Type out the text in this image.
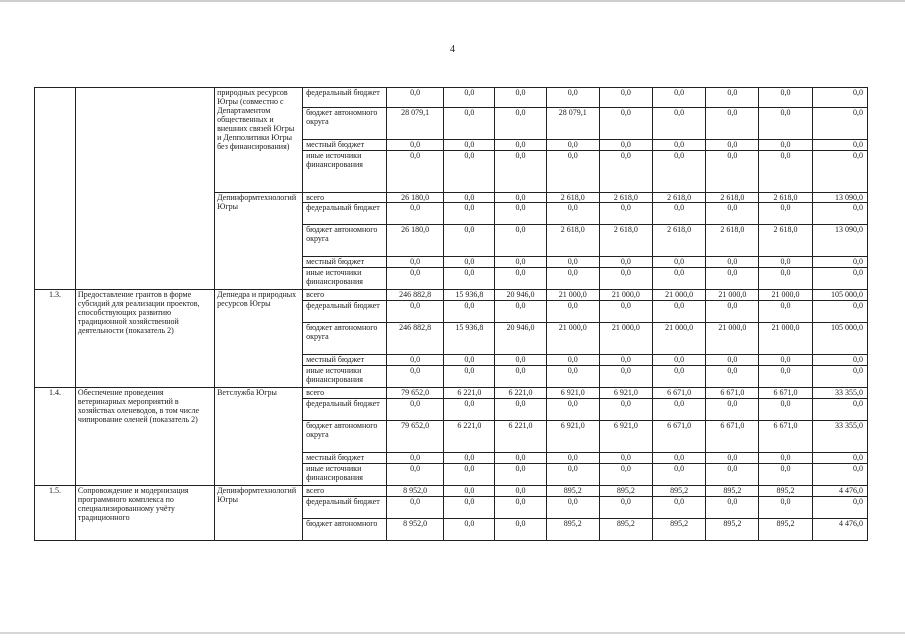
4
		природных ресурсов Югры (совместно с Департаментом общественных и внешних связей Югры и Депполитики Югры без финансирования)	федеральный бюджет	0,0	0,0	0,0	0,0	0,0	0,0	0,0	0,0	0,0
			бюджет автономного округа	28 079,1	0,0	0,0	28 079,1	0,0	0,0	0,0	0,0	0,0
			местный бюджет	0,0	0,0	0,0	0,0	0,0	0,0	0,0	0,0	0,0
			иные источники финансирования	0,0	0,0	0,0	0,0	0,0	0,0	0,0	0,0	0,0
		Депинформтехнологий Югры	всего	26 180,0	0,0	0,0	2 618,0	2 618,0	2 618,0	2 618,0	2 618,0	13 090,0
			федеральный бюджет	0,0	0,0	0,0	0,0	0,0	0,0	0,0	0,0	0,0
			бюджет автономного округа	26 180,0	0,0	0,0	2 618,0	2 618,0	2 618,0	2 618,0	2 618,0	13 090,0
			местный бюджет	0,0	0,0	0,0	0,0	0,0	0,0	0,0	0,0	0,0
			иные источники финансирования	0,0	0,0	0,0	0,0	0,0	0,0	0,0	0,0	0,0
1.3.	Предоставление грантов в форме субсидий для реализации проектов, способствующих развитию традиционной хозяйственной деятельности (показатель 2)	Депнедра и природных ресурсов Югры	всего	246 882,8	15 936,8	20 946,0	21 000,0	21 000,0	21 000,0	21 000,0	21 000,0	105 000,0
			федеральный бюджет	0,0	0,0	0,0	0,0	0,0	0,0	0,0	0,0	0,0
			бюджет автономного округа	246 882,8	15 936,8	20 946,0	21 000,0	21 000,0	21 000,0	21 000,0	21 000,0	105 000,0
			местный бюджет	0,0	0,0	0,0	0,0	0,0	0,0	0,0	0,0	0,0
			иные источники финансирования	0,0	0,0	0,0	0,0	0,0	0,0	0,0	0,0	0,0
1.4.	Обеспечение проведения ветеринарных мероприятий в хозяйствах оленеводов, в том числе чипирование оленей (показатель 2)	Ветслужба Югры	всего	79 652,0	6 221,0	6 221,0	6 921,0	6 921,0	6 671,0	6 671,0	6 671,0	33 355,0
			федеральный бюджет	0,0	0,0	0,0	0,0	0,0	0,0	0,0	0,0	0,0
			бюджет автономного округа	79 652,0	6 221,0	6 221,0	6 921,0	6 921,0	6 671,0	6 671,0	6 671,0	33 355,0
			местный бюджет	0,0	0,0	0,0	0,0	0,0	0,0	0,0	0,0	0,0
			иные источники финансирования	0,0	0,0	0,0	0,0	0,0	0,0	0,0	0,0	0,0
1.5.	Сопровождение и модернизация программного комплекса по специализированному учёту традиционного	Депинформтехнологий Югры	всего	8 952,0	0,0	0,0	895,2	895,2	895,2	895,2	895,2	4 476,0
			федеральный бюджет	0,0	0,0	0,0	0,0	0,0	0,0	0,0	0,0	0,0
			бюджет автономного	8 952,0	0,0	0,0	895,2	895,2	895,2	895,2	895,2	4 476,0
